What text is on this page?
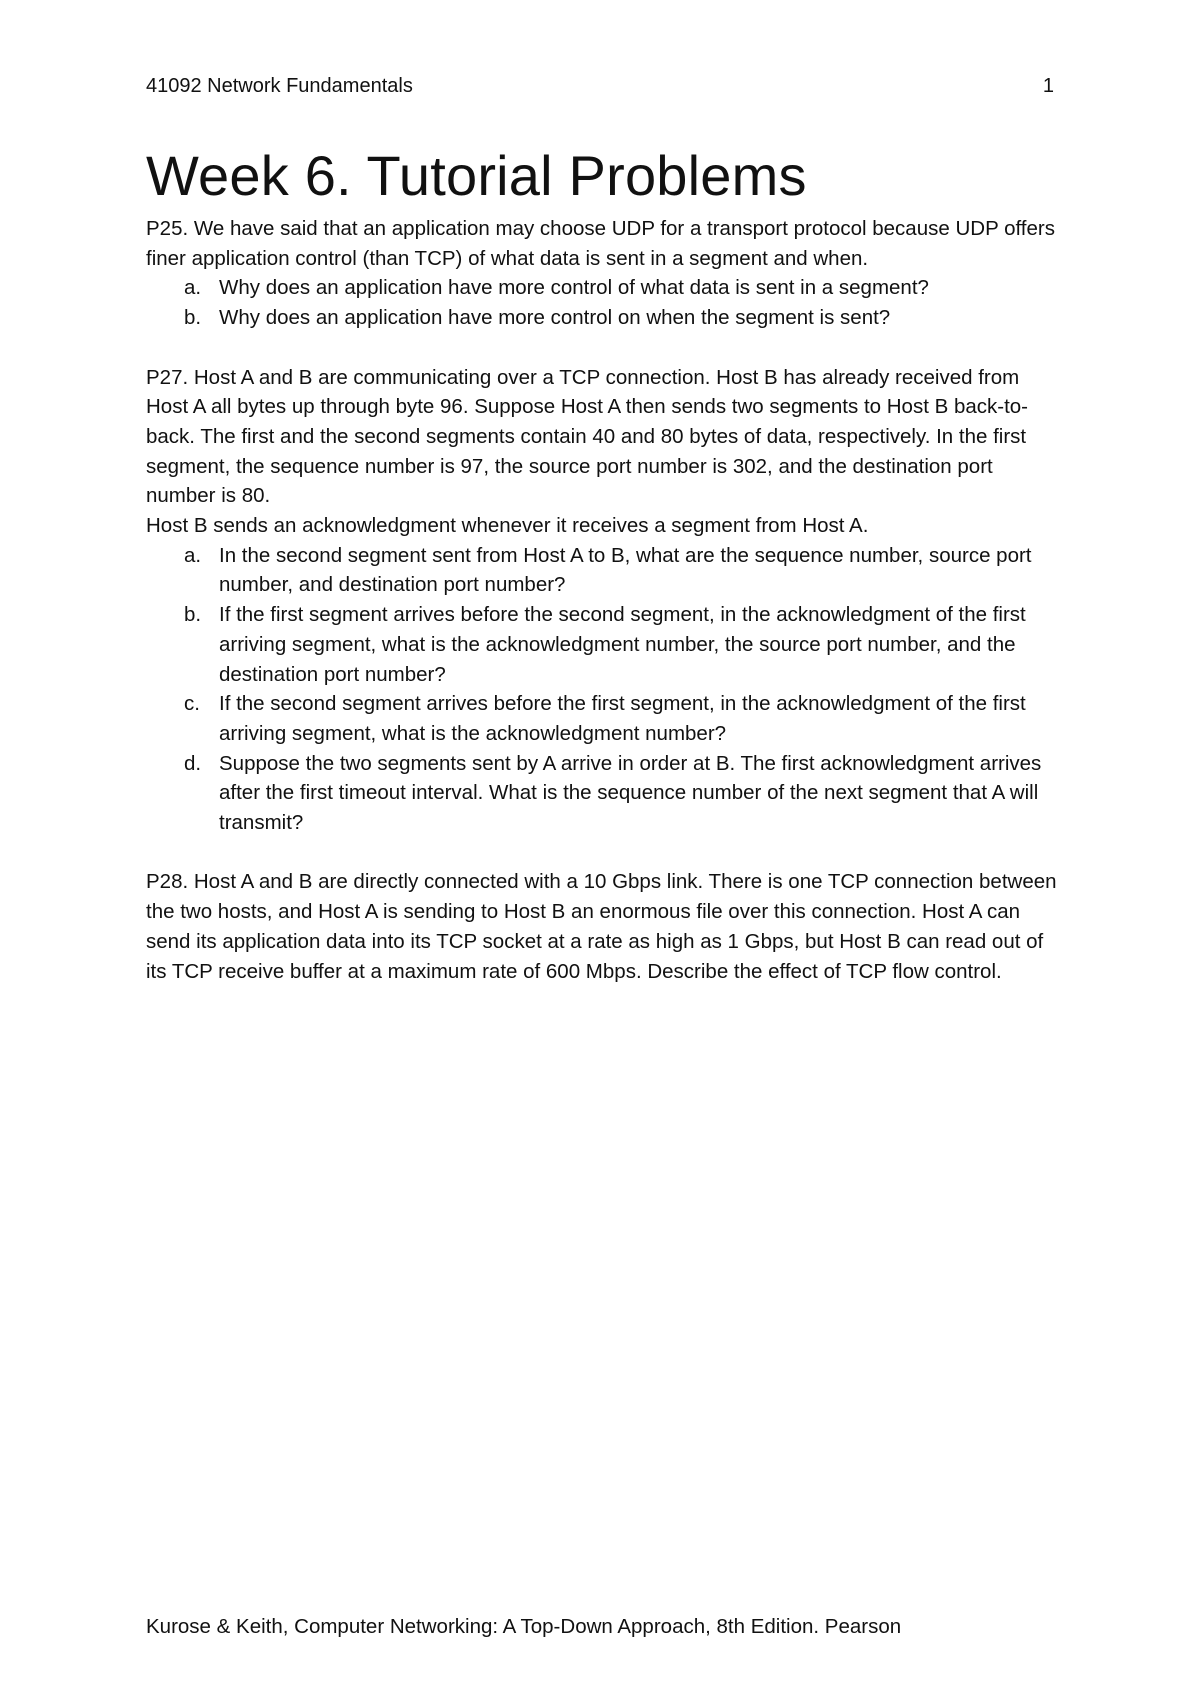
41092 Network Fundamentals	1
Week 6. Tutorial Problems

P25. We have said that an application may choose UDP for a transport protocol because UDP offers finer application control (than TCP) of what data is sent in a segment and when.

a. Why does an application have more control of what data is sent in a segment?
b. Why does an application have more control on when the segment is sent?

P27. Host A and B are communicating over a TCP connection. Host B has already received from Host A all bytes up through byte 96. Suppose Host A then sends two segments to Host B back-to-back. The first and the second segments contain 40 and 80 bytes of data, respectively. In the first segment, the sequence number is 97, the source port number is 302, and the destination port number is 80.

Host B sends an acknowledgment whenever it receives a segment from Host A.

a. In the second segment sent from Host A to B, what are the sequence number, source port number, and destination port number?
b. If the first segment arrives before the second segment, in the acknowledgment of the first arriving segment, what is the acknowledgment number, the source port number, and the destination port number?
c. If the second segment arrives before the first segment, in the acknowledgment of the first arriving segment, what is the acknowledgment number?
d. Suppose the two segments sent by A arrive in order at B. The first acknowledgment arrives after the first timeout interval. What is the sequence number of the next segment that A will transmit?

P28. Host A and B are directly connected with a 10 Gbps link. There is one TCP connection between the two hosts, and Host A is sending to Host B an enormous file over this connection. Host A can send its application data into its TCP socket at a rate as high as 1 Gbps, but Host B can read out of its TCP receive buffer at a maximum rate of 600 Mbps. Describe the effect of TCP flow control.

Kurose & Keith, Computer Networking: A Top-Down Approach, 8th Edition. Pearson
